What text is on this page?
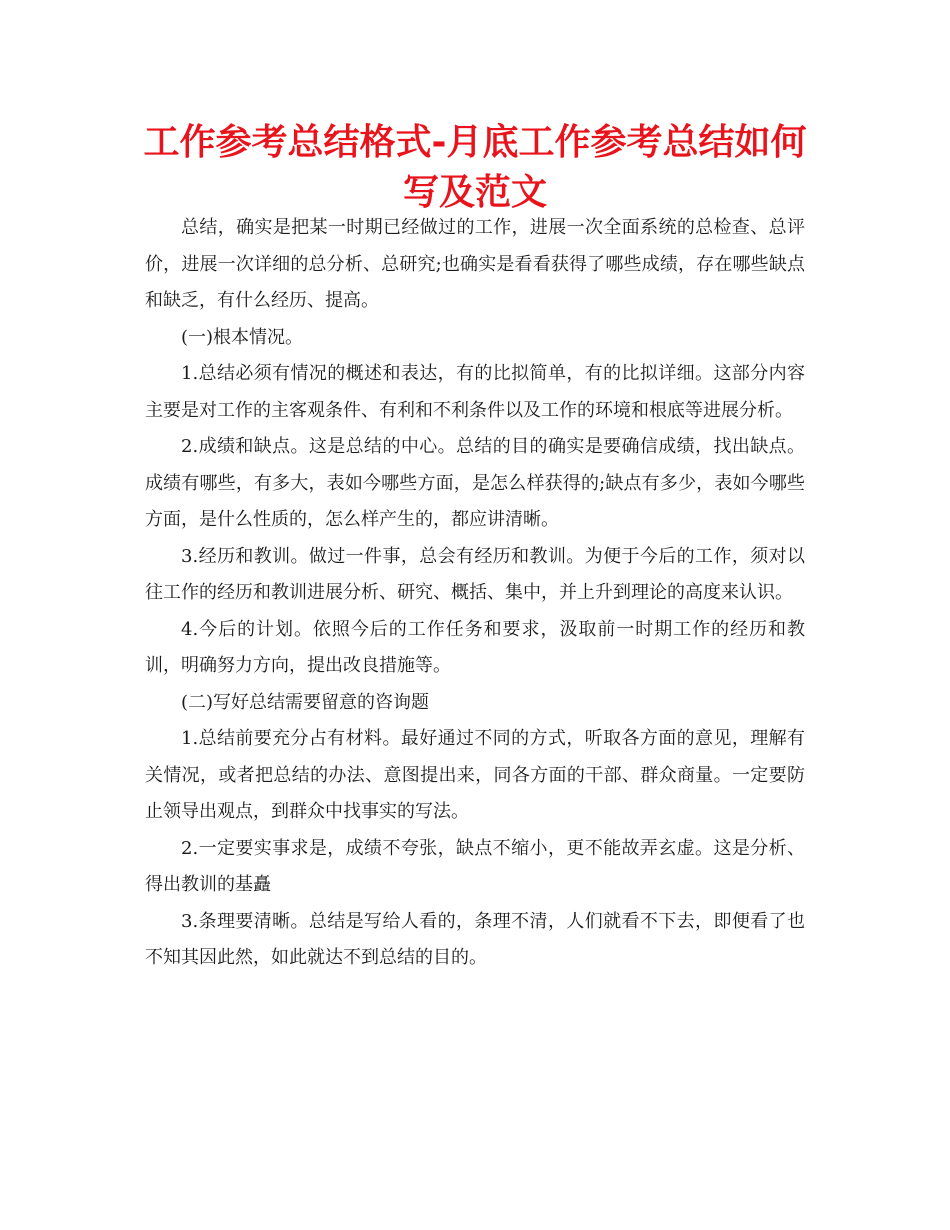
工作参考总结格式-月底工作参考总结如何写及范文

总结，确实是把某一时期已经做过的工作，进展一次全面系统的总检查、总评价，进展一次详细的总分析、总研究;也确实是看看获得了哪些成绩，存在哪些缺点和缺乏，有什么经历、提高。

(一)根本情况。

1.总结必须有情况的概述和表达，有的比拟简单，有的比拟详细。这部分内容主要是对工作的主客观条件、有利和不利条件以及工作的环境和根底等进展分析。

2.成绩和缺点。这是总结的中心。总结的目的确实是要确信成绩，找出缺点。成绩有哪些，有多大，表如今哪些方面，是怎么样获得的;缺点有多少，表如今哪些方面，是什么性质的，怎么样产生的，都应讲清晰。

3.经历和教训。做过一件事，总会有经历和教训。为便于今后的工作，须对以往工作的经历和教训进展分析、研究、概括、集中，并上升到理论的高度来认识。

4.今后的计划。依照今后的工作任务和要求，汲取前一时期工作的经历和教训，明确努力方向，提出改良措施等。

(二)写好总结需要留意的咨询题

1.总结前要充分占有材料。最好通过不同的方式，听取各方面的意见，理解有关情况，或者把总结的办法、意图提出来，同各方面的干部、群众商量。一定要防止领导出观点，到群众中找事实的写法。

2.一定要实事求是，成绩不夸张，缺点不缩小，更不能故弄玄虚。这是分析、得出教训的基矗

3.条理要清晰。总结是写给人看的，条理不清，人们就看不下去，即便看了也不知其因此然，如此就达不到总结的目的。
